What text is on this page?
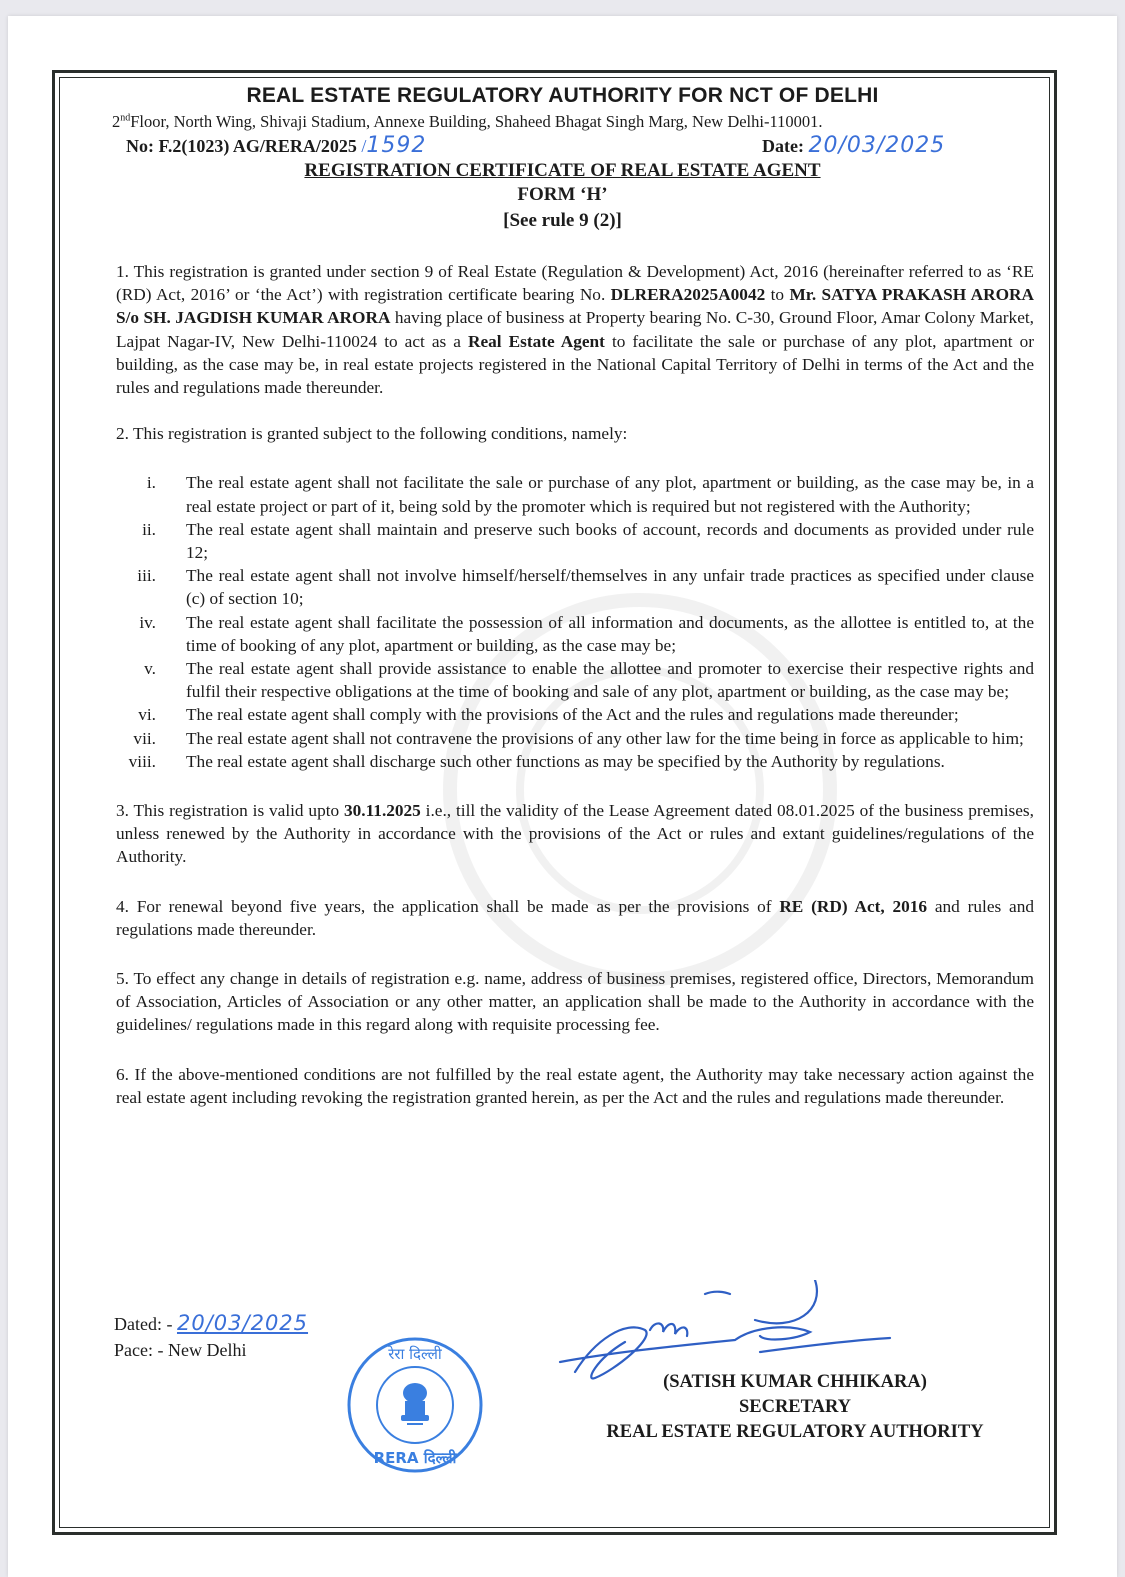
REAL ESTATE REGULATORY AUTHORITY FOR NCT OF DELHI
2ndFloor, North Wing, Shivaji Stadium, Annexe Building, Shaheed Bhagat Singh Marg, New Delhi-110001.
No: F.2(1023) AG/RERA/2025 /1592	Date: 20/03/2025
REGISTRATION CERTIFICATE OF REAL ESTATE AGENT
FORM ‘H’
[See rule 9 (2)]

1. This registration is granted under section 9 of Real Estate (Regulation & Development) Act, 2016 (hereinafter referred to as ‘RE (RD) Act, 2016’ or ‘the Act’) with registration certificate bearing No. DLRERA2025A0042 to Mr. SATYA PRAKASH ARORA S/o SH. JAGDISH KUMAR ARORA having place of business at Property bearing No. C-30, Ground Floor, Amar Colony Market, Lajpat Nagar-IV, New Delhi-110024 to act as a Real Estate Agent to facilitate the sale or purchase of any plot, apartment or building, as the case may be, in real estate projects registered in the National Capital Territory of Delhi in terms of the Act and the rules and regulations made thereunder.

2. This registration is granted subject to the following conditions, namely:

i. The real estate agent shall not facilitate the sale or purchase of any plot, apartment or building, as the case may be, in a real estate project or part of it, being sold by the promoter which is required but not registered with the Authority;
ii. The real estate agent shall maintain and preserve such books of account, records and documents as provided under rule 12;
iii. The real estate agent shall not involve himself/herself/themselves in any unfair trade practices as specified under clause (c) of section 10;
iv. The real estate agent shall facilitate the possession of all information and documents, as the allottee is entitled to, at the time of booking of any plot, apartment or building, as the case may be;
v. The real estate agent shall provide assistance to enable the allottee and promoter to exercise their respective rights and fulfil their respective obligations at the time of booking and sale of any plot, apartment or building, as the case may be;
vi. The real estate agent shall comply with the provisions of the Act and the rules and regulations made thereunder;
vii. The real estate agent shall not contravene the provisions of any other law for the time being in force as applicable to him;
viii. The real estate agent shall discharge such other functions as may be specified by the Authority by regulations.

3. This registration is valid upto 30.11.2025 i.e., till the validity of the Lease Agreement dated 08.01.2025 of the business premises, unless renewed by the Authority in accordance with the provisions of the Act or rules and extant guidelines/regulations of the Authority.

4. For renewal beyond five years, the application shall be made as per the provisions of RE (RD) Act, 2016 and rules and regulations made thereunder.

5. To effect any change in details of registration e.g. name, address of business premises, registered office, Directors, Memorandum of Association, Articles of Association or any other matter, an application shall be made to the Authority in accordance with the guidelines/ regulations made in this regard along with requisite processing fee.

6. If the above-mentioned conditions are not fulfilled by the real estate agent, the Authority may take necessary action against the real estate agent including revoking the registration granted herein, as per the Act and the rules and regulations made thereunder.

Dated: - 20/03/2025
Pace: - New Delhi	रेरा दिल्ली
RERA दिल्ली
(SATISH KUMAR CHHIKARA)
SECRETARY
REAL ESTATE REGULATORY AUTHORITY
